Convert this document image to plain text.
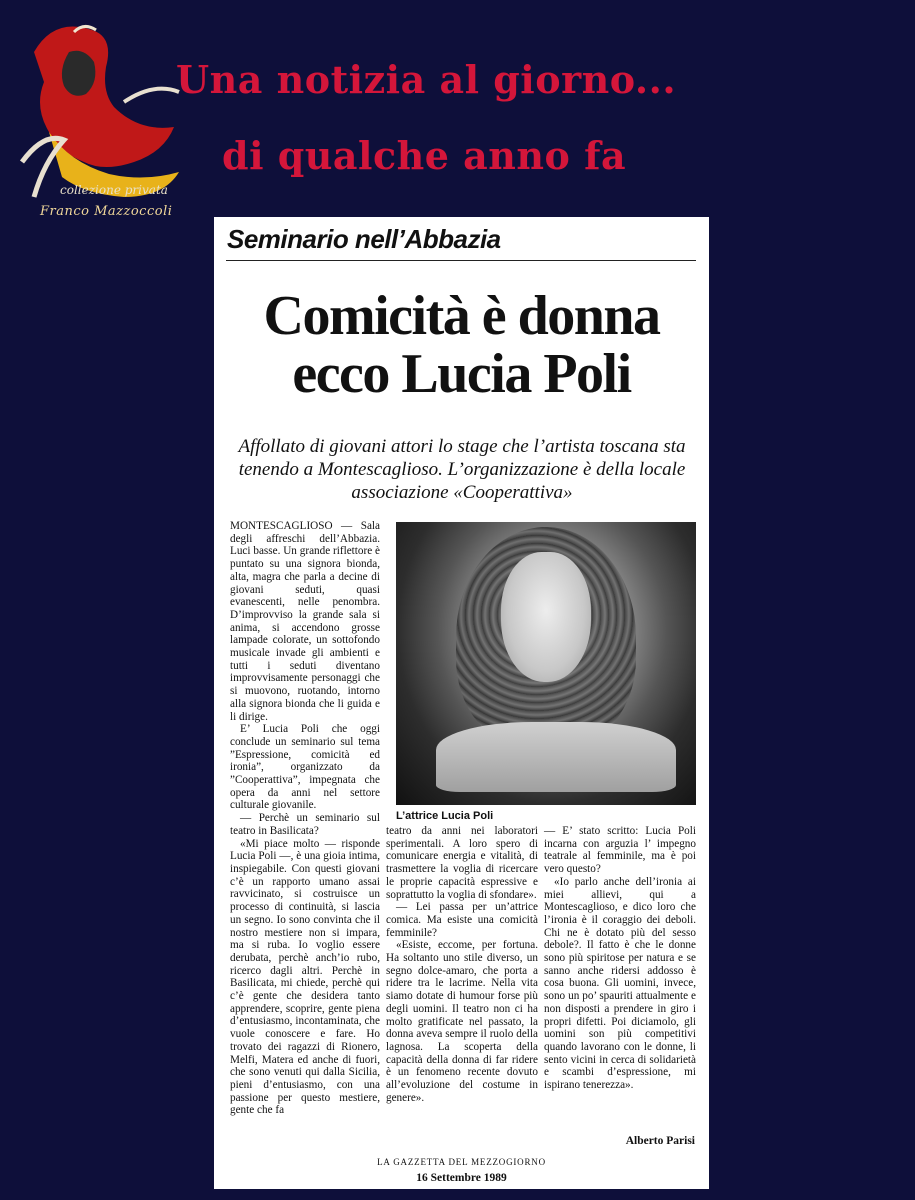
collezione privata
Franco Mazzoccoli
Una notizia al giorno...
di qualche anno fa
Seminario nell’Abbazia
Comicità è donna
ecco Lucia Poli
Affollato di giovani attori lo stage che l’artista toscana sta tenendo a Montescaglioso. L’organizzazione è della locale associazione «Cooperattiva»

MONTESCAGLIOSO — Sala degli affreschi dell’Abbazia. Luci basse. Un grande riflettore è puntato su una signora bionda, alta, magra che parla a decine di giovani seduti, quasi evanescenti, nelle penombra. D’improvviso la grande sala si anima, si accendono grosse lampade colorate, un sottofondo musicale invade gli ambienti e tutti i seduti diventano improvvisamente personaggi che si muovono, ruotando, intorno alla signora bionda che li guida e li dirige.

E’ Lucia Poli che oggi conclude un seminario sul tema ”Espressione, comicità ed ironia”, organizzato da ”Cooperattiva”, impegnata che opera da anni nel settore culturale giovanile.

— Perchè un seminario sul teatro in Basilicata?

«Mi piace molto — risponde Lucia Poli —, è una gioia intima, inspiegabile. Con questi giovani c’è un rapporto umano assai ravvicinato, si costruisce un processo di continuità, si lascia un segno. Io sono convinta che il nostro mestiere non si impara, ma si ruba. Io voglio essere derubata, perchè anch’io rubo, ricerco dagli altri. Perchè in Basilicata, mi chiede, perchè qui c’è gente che desidera tanto apprendere, scoprire, gente piena d’entusiasmo, incontaminata, che vuole conoscere e fare. Ho trovato dei ragazzi di Rionero, Melfi, Matera ed anche di fuori, che sono venuti qui dalla Sicilia, pieni d’entusiasmo, con una passione per questo mestiere, gente che fa

L’attrice Lucia Poli

teatro da anni nei laboratori sperimentali. A loro spero di comunicare energia e vitalità, di trasmettere la voglia di ricercare le proprie capacità espressive e soprattutto la voglia di sfondare».

— Lei passa per un’attrice comica. Ma esiste una comicità femminile?

«Esiste, eccome, per fortuna. Ha soltanto uno stile diverso, un segno dolce-amaro, che porta a ridere tra le lacrime. Nella vita siamo dotate di humour forse più degli uomini. Il teatro non ci ha molto gratificate nel passato, la donna aveva sempre il ruolo della lagnosa. La scoperta della capacità della donna di far ridere è un fenomeno recente dovuto all’evoluzione del costume in genere».

— E’ stato scritto: Lucia Poli incarna con arguzia l’ impegno teatrale al femminile, ma è poi vero questo?

«Io parlo anche dell’ironia ai miei allievi, qui a Montescaglioso, e dico loro che l’ironia è il coraggio dei deboli. Chi ne è dotato più del sesso debole?. Il fatto è che le donne sono più spiritose per natura e se sanno anche ridersi addosso è cosa buona. Gli uomini, invece, sono un po’ spauriti attualmente e non disposti a prendere in giro i propri difetti. Poi diciamolo, gli uomini son più competitivi quando lavorano con le donne, li sento vicini in cerca di solidarietà e scambi d’espressione, mi ispirano tenerezza».

Alberto Parisi
LA GAZZETTA DEL MEZZOGIORNO
16 Settembre 1989
